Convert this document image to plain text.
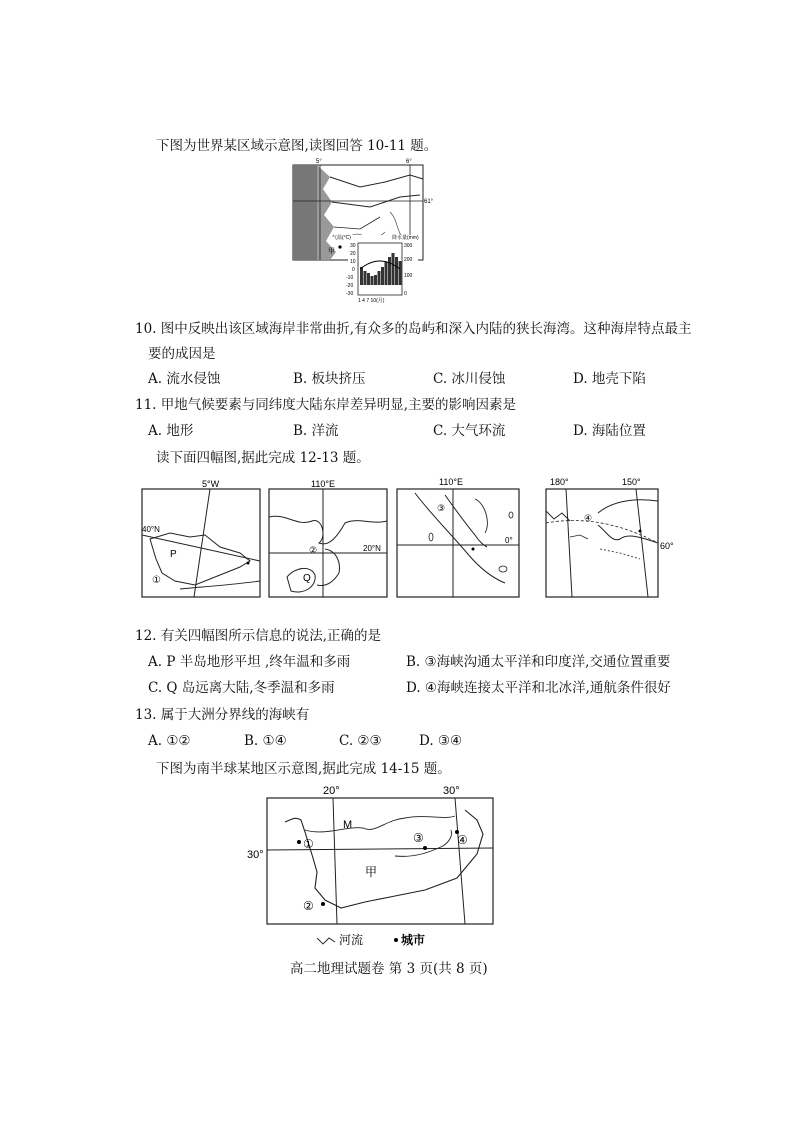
下图为世界某区域示意图,读图回答 10-11 题。
5°	6°
61°
甲
气温(°C)	降水量(mm)
30
20
10
0
-10
-20
-30
300
200
100
0
1 4 7 10(月)
10. 图中反映出该区域海岸非常曲折,有众多的岛屿和深入内陆的狭长海湾。这种海岸特点最主
要的成因是
A. 流水侵蚀	B. 板块挤压	C. 冰川侵蚀	D. 地壳下陷
11. 甲地气候要素与同纬度大陆东岸差异明显,主要的影响因素是
A. 地形	B. 洋流	C. 大气环流	D. 海陆位置
读下面四幅图,据此完成 12-13 题。
5°W
40°N
P
①
110°E
20°N
②
Q
110°E
0°
③
180°	150°
60°
④
12. 有关四幅图所示信息的说法,正确的是
A. P 半岛地形平坦 ,终年温和多雨	B. ③海峡沟通太平洋和印度洋,交通位置重要
C. Q 岛远离大陆,冬季温和多雨	D. ④海峡连接太平洋和北冰洋,通航条件很好
13. 属于大洲分界线的海峡有
A. ①②	B. ①④	C. ②③	D. ③④
下图为南半球某地区示意图,据此完成 14-15 题。
20°	30°
30°
M
甲
①
②
③	④
河流	城市
高二地理试题卷 第 3 页(共 8 页)
